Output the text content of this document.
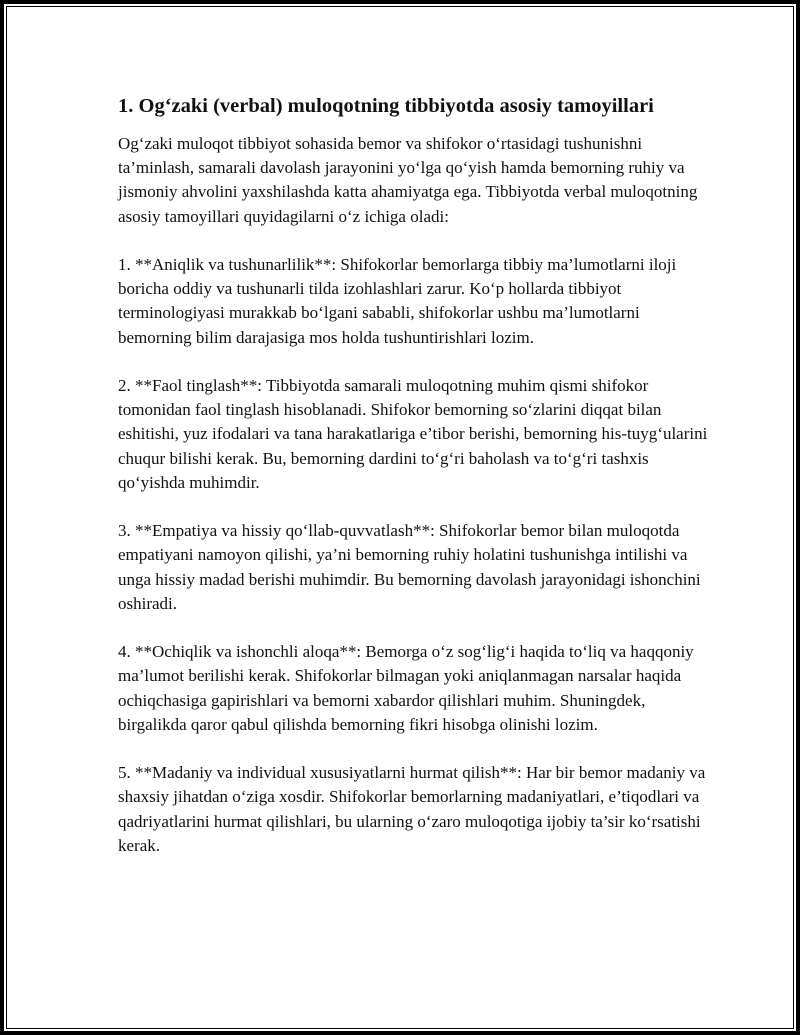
1. Og‘zaki (verbal) muloqotning tibbiyotda asosiy tamoyillari

Og‘zaki muloqot tibbiyot sohasida bemor va shifokor o‘rtasidagi tushunishni ta’minlash, samarali davolash jarayonini yo‘lga qo‘yish hamda bemorning ruhiy va jismoniy ahvolini yaxshilashda katta ahamiyatga ega. Tibbiyotda verbal muloqotning asosiy tamoyillari quyidagilarni o‘z ichiga oladi:

1. **Aniqlik va tushunarlilik**: Shifokorlar bemorlarga tibbiy ma’lumotlarni iloji boricha oddiy va tushunarli tilda izohlashlari zarur. Ko‘p hollarda tibbiyot terminologiyasi murakkab bo‘lgani sababli, shifokorlar ushbu ma’lumotlarni bemorning bilim darajasiga mos holda tushuntirishlari lozim.

2. **Faol tinglash**: Tibbiyotda samarali muloqotning muhim qismi shifokor tomonidan faol tinglash hisoblanadi. Shifokor bemorning so‘zlarini diqqat bilan eshitishi, yuz ifodalari va tana harakatlariga e’tibor berishi, bemorning his-tuyg‘ularini chuqur bilishi kerak. Bu, bemorning dardini to‘g‘ri baholash va to‘g‘ri tashxis qo‘yishda muhimdir.

3. **Empatiya va hissiy qo‘llab-quvvatlash**: Shifokorlar bemor bilan muloqotda empatiyani namoyon qilishi, ya’ni bemorning ruhiy holatini tushunishga intilishi va unga hissiy madad berishi muhimdir. Bu bemorning davolash jarayonidagi ishonchini oshiradi.

4. **Ochiqlik va ishonchli aloqa**: Bemorga o‘z sog‘lig‘i haqida to‘liq va haqqoniy ma’lumot berilishi kerak. Shifokorlar bilmagan yoki aniqlanmagan narsalar haqida ochiqchasiga gapirishlari va bemorni xabardor qilishlari muhim. Shuningdek, birgalikda qaror qabul qilishda bemorning fikri hisobga olinishi lozim.

5. **Madaniy va individual xususiyatlarni hurmat qilish**: Har bir bemor madaniy va shaxsiy jihatdan o‘ziga xosdir. Shifokorlar bemorlarning madaniyatlari, e’tiqodlari va qadriyatlarini hurmat qilishlari, bu ularning o‘zaro muloqotiga ijobiy ta’sir ko‘rsatishi kerak.
